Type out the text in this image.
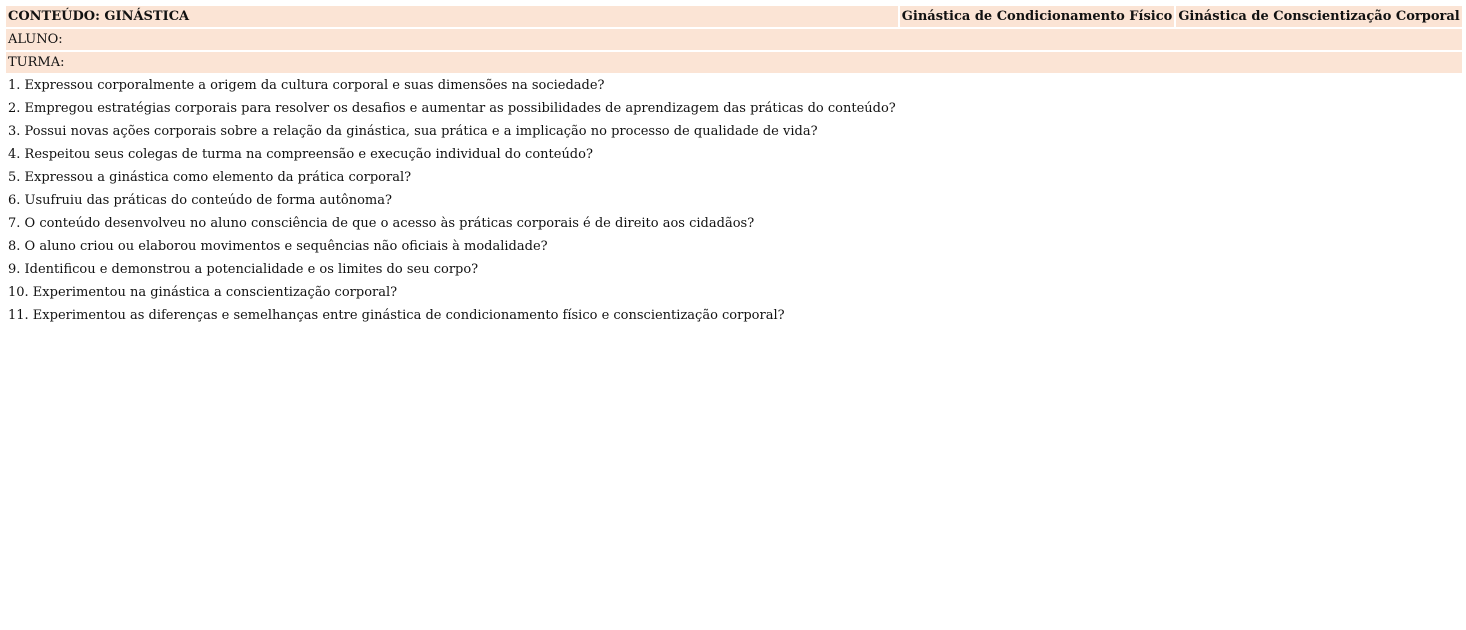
CONTEÚDO: GINÁSTICA	Ginástica de Condicionamento Físico	Ginástica de Conscientização Corporal
ALUNO:		
TURMA:		
1. Expressou corporalmente a origem da cultura corporal e suas dimensões na sociedade?		
2. Empregou estratégias corporais para resolver os desafios e aumentar as possibilidades de aprendizagem das práticas do conteúdo?		
3. Possui novas ações corporais sobre a relação da ginástica, sua prática e a implicação no processo de qualidade de vida?		
4. Respeitou seus colegas de turma na compreensão e execução individual do conteúdo?		
5. Expressou a ginástica como elemento da prática corporal?		
6. Usufruiu das práticas do conteúdo de forma autônoma?		
7. O conteúdo desenvolveu no aluno consciência de que o acesso às práticas corporais é de direito aos cidadãos?		
8. O aluno criou ou elaborou movimentos e sequências não oficiais à modalidade?		
9. Identificou e demonstrou a potencialidade e os limites do seu corpo?		
10. Experimentou na ginástica a conscientização corporal?		
11. Experimentou as diferenças e semelhanças entre ginástica de condicionamento físico e conscientização corporal?		
